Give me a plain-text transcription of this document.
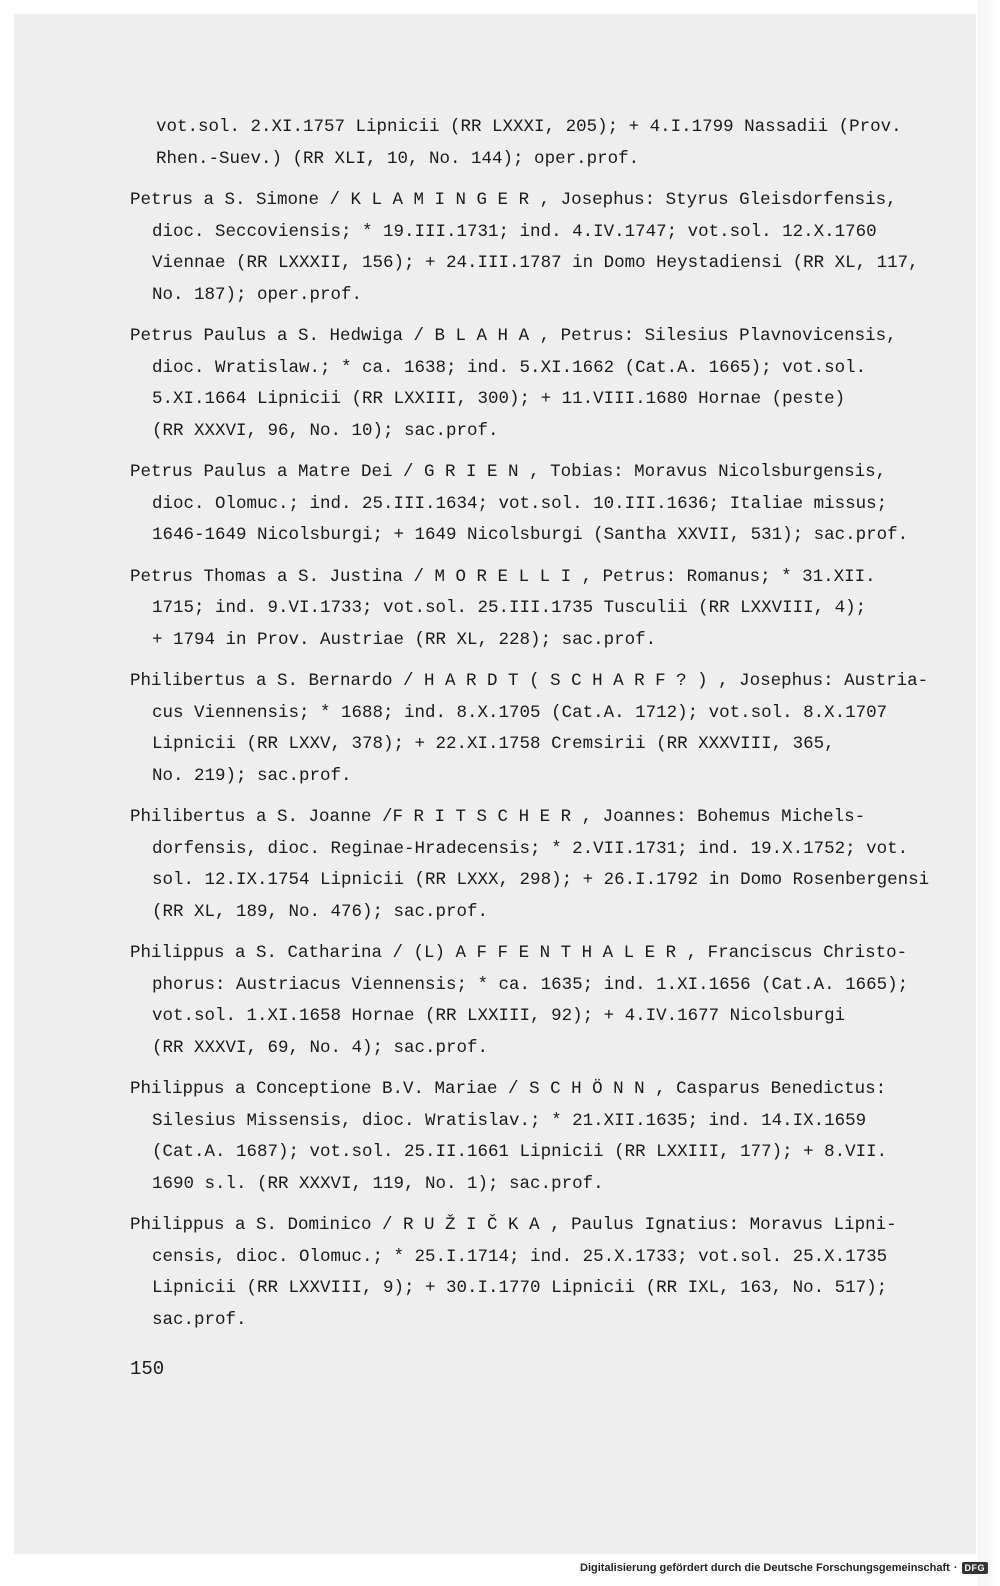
vot.sol. 2.XI.1757 Lipnicii (RR LXXXI, 205); + 4.I.1799 Nassadii (Prov.
Rhen.-Suev.) (RR XLI, 10, No. 144); oper.prof.
Petrus a S. Simone / K L A M I N G E R , Josephus: Styrus Gleisdorfensis,
dioc. Seccoviensis; * 19.III.1731; ind. 4.IV.1747; vot.sol. 12.X.1760
Viennae (RR LXXXII, 156); + 24.III.1787 in Domo Heystadiensi (RR XL, 117,
No. 187); oper.prof.
Petrus Paulus a S. Hedwiga / B L A H A , Petrus: Silesius Plavnovicensis,
dioc. Wratislaw.; * ca. 1638; ind. 5.XI.1662 (Cat.A. 1665); vot.sol.
5.XI.1664 Lipnicii (RR LXXIII, 300); + 11.VIII.1680 Hornae (peste)
(RR XXXVI, 96, No. 10); sac.prof.
Petrus Paulus a Matre Dei / G R I E N , Tobias: Moravus Nicolsburgensis,
dioc. Olomuc.; ind. 25.III.1634; vot.sol. 10.III.1636; Italiae missus;
1646-1649 Nicolsburgi; + 1649 Nicolsburgi (Santha XXVII, 531); sac.prof.
Petrus Thomas a S. Justina / M O R E L L I , Petrus: Romanus; * 31.XII.
1715; ind. 9.VI.1733; vot.sol. 25.III.1735 Tusculii (RR LXXVIII, 4);
+ 1794 in Prov. Austriae (RR XL, 228); sac.prof.
Philibertus a S. Bernardo / H A R D T ( S C H A R F ? ) , Josephus: Austria-
cus Viennensis; * 1688; ind. 8.X.1705 (Cat.A. 1712); vot.sol. 8.X.1707
Lipnicii (RR LXXV, 378); + 22.XI.1758 Cremsirii (RR XXXVIII, 365,
No. 219); sac.prof.
Philibertus a S. Joanne /F R I T S C H E R , Joannes: Bohemus Michels-
dorfensis, dioc. Reginae-Hradecensis; * 2.VII.1731; ind. 19.X.1752; vot.
sol. 12.IX.1754 Lipnicii (RR LXXX, 298); + 26.I.1792 in Domo Rosenbergensi
(RR XL, 189, No. 476); sac.prof.
Philippus a S. Catharina / (L) A F F E N T H A L E R , Franciscus Christo-
phorus: Austriacus Viennensis; * ca. 1635; ind. 1.XI.1656 (Cat.A. 1665);
vot.sol. 1.XI.1658 Hornae (RR LXXIII, 92); + 4.IV.1677 Nicolsburgi
(RR XXXVI, 69, No. 4); sac.prof.
Philippus a Conceptione B.V. Mariae / S C H Ö N N , Casparus Benedictus:
Silesius Missensis, dioc. Wratislav.; * 21.XII.1635; ind. 14.IX.1659
(Cat.A. 1687); vot.sol. 25.II.1661 Lipnicii (RR LXXIII, 177); + 8.VII.
1690 s.l. (RR XXXVI, 119, No. 1); sac.prof.
Philippus a S. Dominico / R U Ž I Č K A , Paulus Ignatius: Moravus Lipni-
censis, dioc. Olomuc.; * 25.I.1714; ind. 25.X.1733; vot.sol. 25.X.1735
Lipnicii (RR LXXVIII, 9); + 30.I.1770 Lipnicii (RR IXL, 163, No. 517);
sac.prof.
150
Digitalisierung gefördert durch die Deutsche Forschungsgemeinschaft · DFG
